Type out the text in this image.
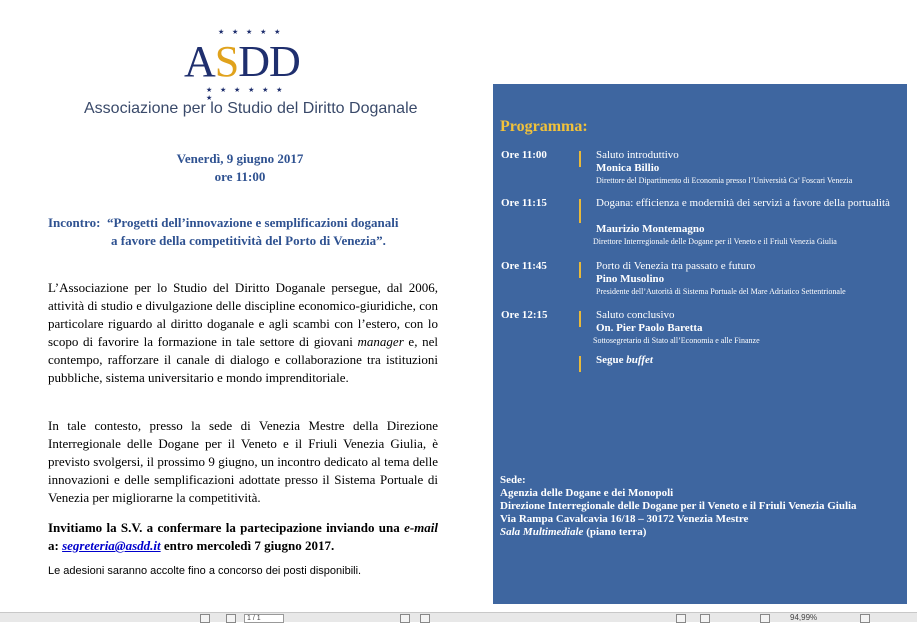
★ ★ ★ ★ ★
ASDD
★ ★ ★ ★ ★ ★ ★
Associazione per lo Studio del Diritto Doganale
Venerdì, 9 giugno 2017
ore 11:00
Incontro: “Progetti dell’innovazione e semplificazioni doganali
a favore della competitività del Porto di Venezia”.
L’Associazione per lo Studio del Diritto Doganale persegue, dal 2006, attività di studio e divulgazione delle discipline economico-giuridiche, con particolare riguardo al diritto doganale e agli scambi con l’estero, con lo scopo di favorire la formazione in tale settore di giovani manager e, nel contempo, rafforzare il canale di dialogo e collaborazione tra istituzioni pubbliche, sistema universitario e mondo imprenditoriale.
In tale contesto, presso la sede di Venezia Mestre della Direzione Interregionale delle Dogane per il Veneto e il Friuli Venezia Giulia, è previsto svolgersi, il prossimo 9 giugno, un incontro dedicato al tema delle innovazioni e delle semplificazioni adottate presso il Sistema Portuale di Venezia per migliorarne la competitività.
Invitiamo la S.V. a confermare la partecipazione inviando una e-mail a: segreteria@asdd.it entro mercoledì 7 giugno 2017.
Le adesioni saranno accolte fino a concorso dei posti disponibili.
Programma:
Ore 11:00	Saluto introduttivo
Monica Billio
Direttore del Dipartimento di Economia presso l’Università Ca’ Foscari Venezia
Ore 11:15	Dogana: efficienza e modernità dei servizi a favore della portualità
Maurizio Montemagno
Direttore Interregionale delle Dogane per il Veneto e il Friuli Venezia Giulia
Ore 11:45	Porto di Venezia tra passato e futuro
Pino Musolino
Presidente dell’Autorità di Sistema Portuale del Mare Adriatico Settentrionale
Ore 12:15	Saluto conclusivo
On. Pier Paolo Baretta
Sottosegretario di Stato all’Economia e alle Finanze
Segue buffet
Sede:
Agenzia delle Dogane e dei Monopoli
Direzione Interregionale delle Dogane per il Veneto e il Friuli Venezia Giulia
Via Rampa Cavalcavia 16/18 – 30172 Venezia Mestre
Sala Multimediale (piano terra)
1 / 1	94,99%
